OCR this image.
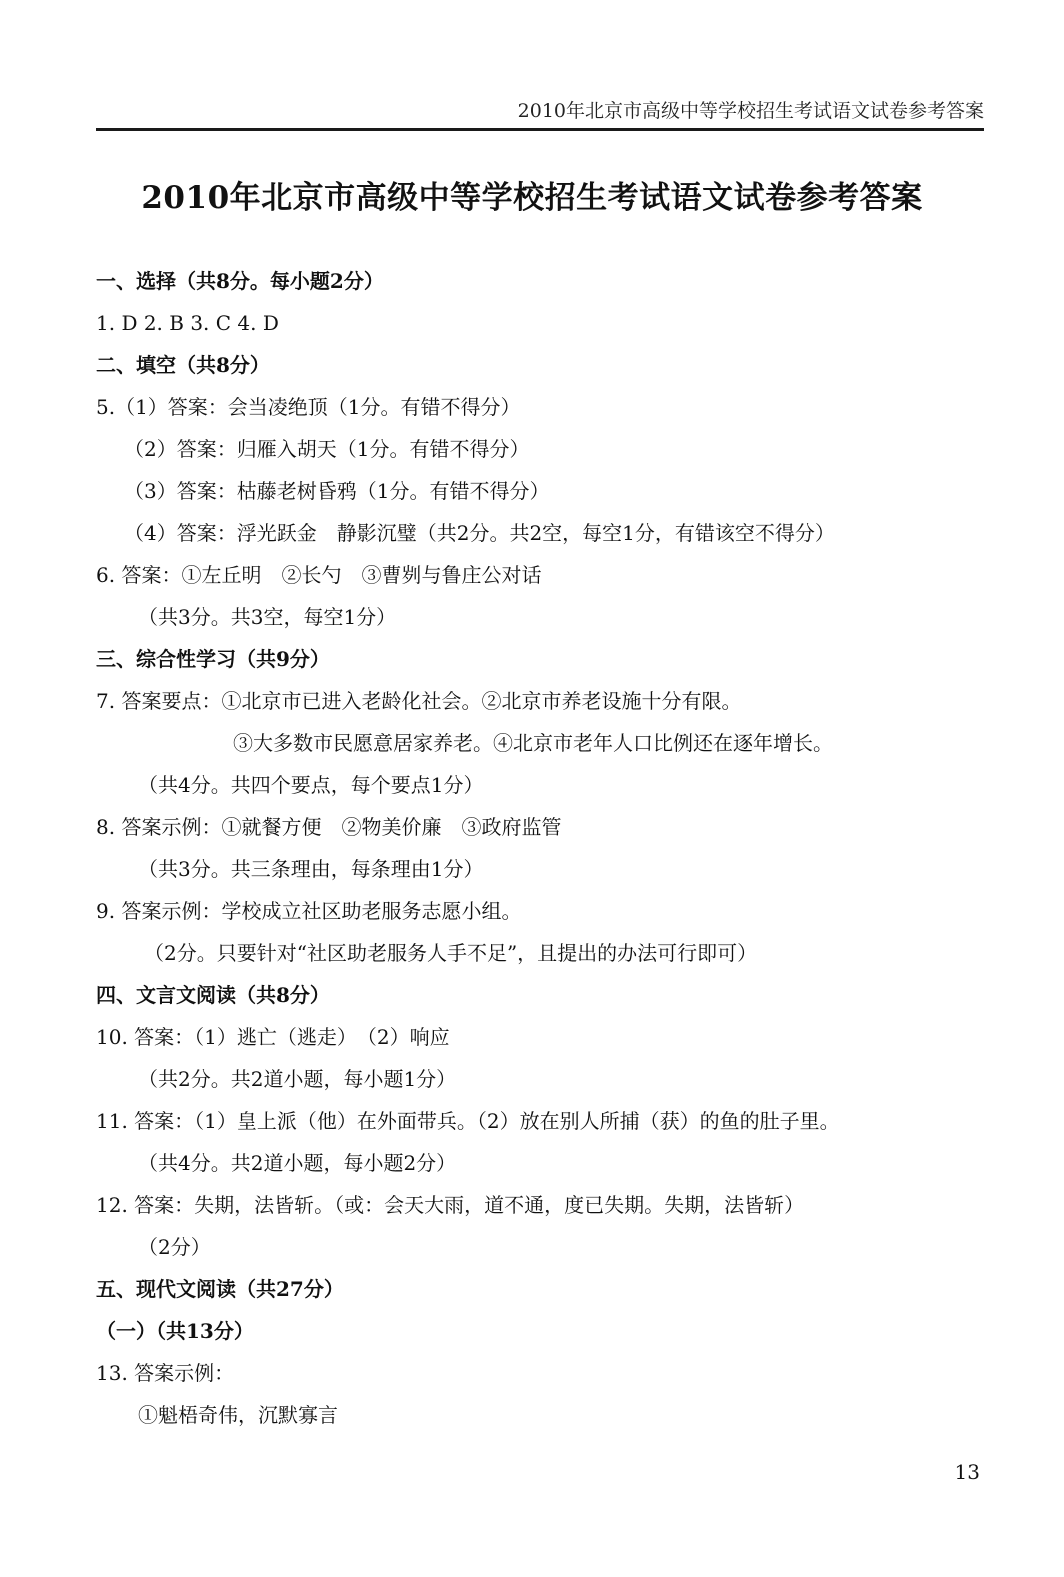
2010年北京市高级中等学校招生考试语文试卷参考答案
2010年北京市高级中等学校招生考试语文试卷参考答案
一、选择（共8分。每小题2分）
1. D 2. B 3. C 4. D
二、填空（共8分）
5.（1）答案：会当凌绝顶（1分。有错不得分）
（2）答案：归雁入胡天（1分。有错不得分）
（3）答案：枯藤老树昏鸦（1分。有错不得分）
（4）答案：浮光跃金　静影沉璧（共2分。共2空，每空1分，有错该空不得分）
6. 答案：①左丘明　②长勺　③曹刿与鲁庄公对话
（共3分。共3空，每空1分）
三、综合性学习（共9分）
7. 答案要点：①北京市已进入老龄化社会。②北京市养老设施十分有限。
③大多数市民愿意居家养老。④北京市老年人口比例还在逐年增长。
（共4分。共四个要点，每个要点1分）
8. 答案示例：①就餐方便　②物美价廉　③政府监管
（共3分。共三条理由，每条理由1分）
9. 答案示例：学校成立社区助老服务志愿小组。
（2分。只要针对“社区助老服务人手不足”，且提出的办法可行即可）
四、文言文阅读（共8分）
10. 答案：（1）逃亡（逃走）　（2）响应
（共2分。共2道小题，每小题1分）
11. 答案：（1）皇上派（他）在外面带兵。（2）放在别人所捕（获）的鱼的肚子里。
（共4分。共2道小题，每小题2分）
12. 答案：失期，法皆斩。（或：会天大雨，道不通，度已失期。失期，法皆斩）
（2分）
五、现代文阅读（共27分）
（一）（共13分）
13. 答案示例：
①魁梧奇伟，沉默寡言
13
